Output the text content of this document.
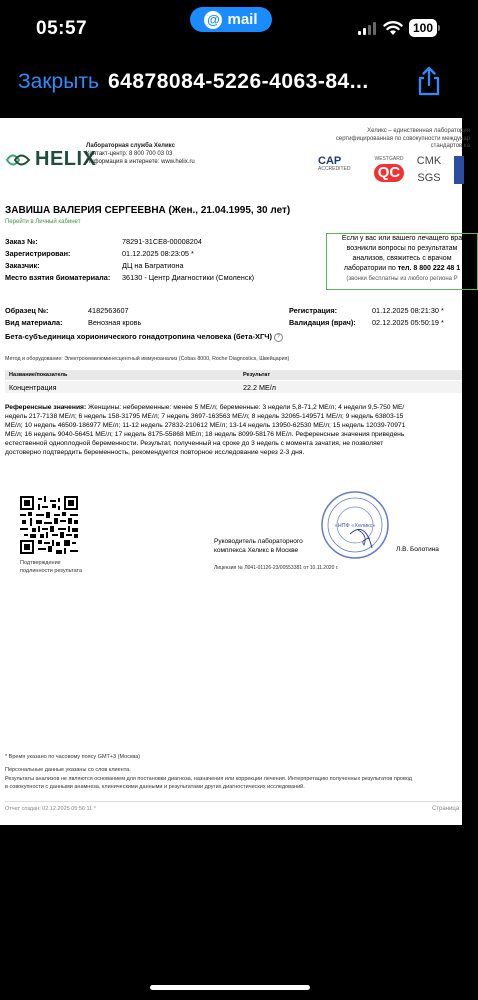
05:57	@ mail	100
Закрыть 64878084-5226-4063-84...
HELIX
Лабораторная служба Хеликс
Контакт-центр: 8 800 700 03 03
Информация в интернете: www.helix.ru
Хеликс – единственная лаборатория
сертифицированная по совокупности междунар
стандартов ка
CAP
ACCREDITED
WESTGARD
QC
CMK

SGS
ЗАВИША ВАЛЕРИЯ СЕРГЕЕВНА (Жен., 21.04.1995, 30 лет)
Перейти в Личный кабинет
Заказ №:	78291-31CE8-00008204
Зарегистрирован:	01.12.2025 08:23:05 *
Заказчик:	ДЦ на Багратиона
Место взятия биоматериала: 36130 - Центр Диагностики (Смоленск)
Если у вас или вашего лечащего вра
возникли вопросы по результатам
анализов, свяжитесь с врачом
лаборатории по тел. 8 800 222 48 1
(звонки бесплатны из любого региона Р
Образец №:	4182563607
Вид материала:	Венозная кровь
Регистрация:	01.12.2025 08:21:30 *
Валидация (врач): 02.12.2025 05:50:19 *
Бета-субъединица хорионического гонадотропина человека (бета-ХГЧ) ?
Метод и оборудование: Электрохемилюминесцентный иммуноанализ (Cobas 8000, Roche Diagnostics, Швейцария)
Название/показатель	Результат
Концентрация	22.2 МЕ/л
Референсные значения: Женщины: небеременные: менее 5 МЕ/л; беременные: 3 недели 5,8-71,2 МЕ/л; 4 недели 9,5-750 МЕ/
недель 217-7138 МЕ/л; 6 недель 158-31795 МЕ/л; 7 недель 3697-163563 МЕ/л; 8 недель 32065-149571 МЕ/л; 9 недель 63803-15
МЕ/л; 10 недель 46509-186977 МЕ/л; 11-12 недель 27832-210612 МЕ/л; 13-14 недель 13950-62530 МЕ/л; 15 недель 12039-70971
МЕ/л; 16 недель 9040-56451 МЕ/л; 17 недель 8175-55868 МЕ/л; 18 недель 8099-58176 МЕ/л. Референсные значения приведень
естественной одноплодной беременности. Результат, полученный на сроке до 3 недель с момента зачатия, не позволяет
достоверно подтвердить беременность, рекомендуется повторное исследование через 2-3 дня.
Подтверждение
подлинности результата
Руководитель лабораторного
комплекса Хеликс в Москве
Лицензия № Л041-01126-23/00553381 от 10.11.2020 г.
«НПФ «Хеликс»
Л.В. Болотина
* Время указано по часовому поясу GMT+3 (Москва)
Персональные данные указаны со слов клиента.
Результаты анализов не являются основанием для постановки диагноза, назначения или коррекции лечения. Интерпретацию полученных результатов провод
в совокупности с данными анамнеза, клиническими данными и результатами других диагностических исследований.
Отчет создан: 02.12.2025 05:56:11 *	Страница
